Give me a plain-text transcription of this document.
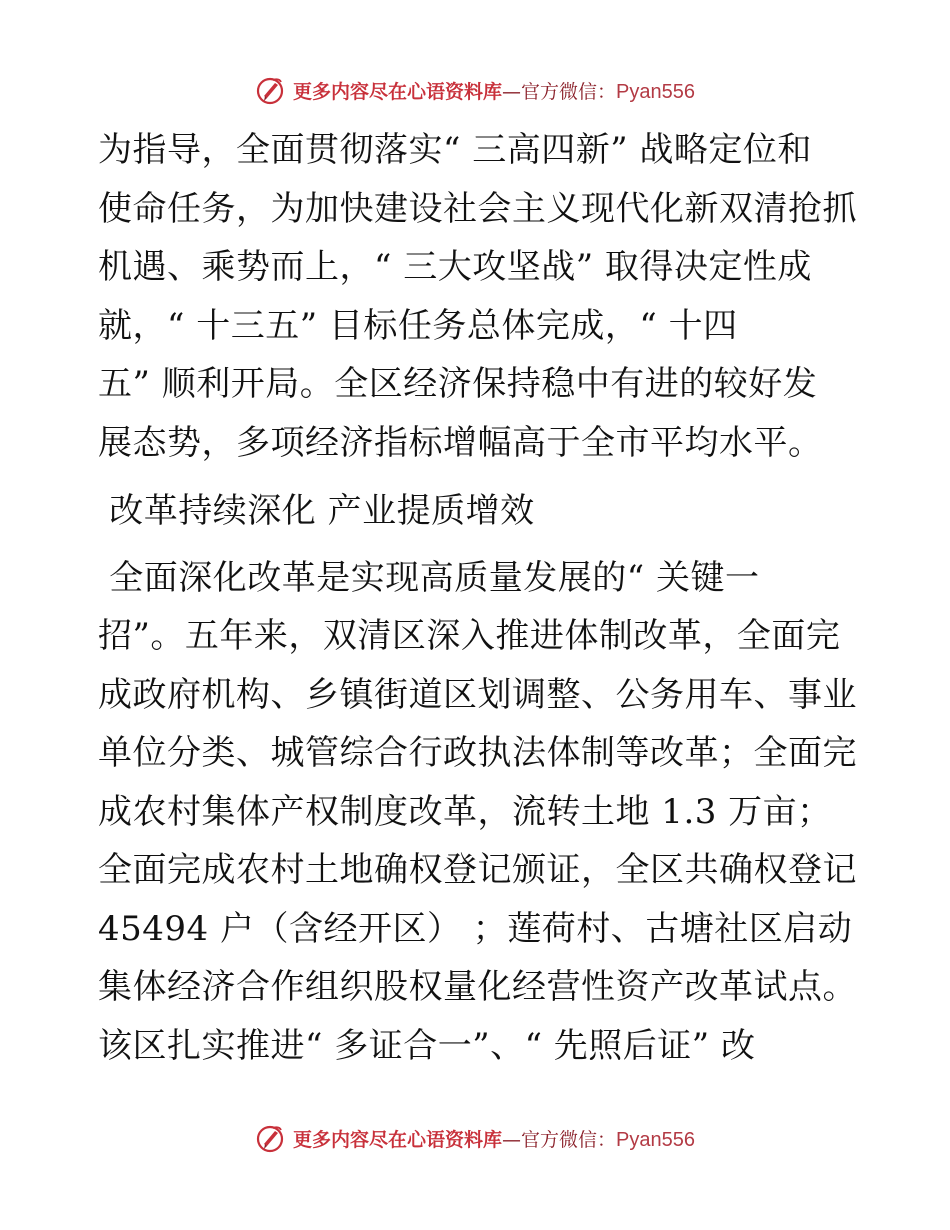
更多内容尽在心语资料库—官方微信：Pyan556
为指导，全面贯彻落实“ 三高四新” 战略定位和
使命任务，为加快建设社会主义现代化新双清抢抓
机遇、乘势而上，“ 三大攻坚战” 取得决定性成
就，“ 十三五” 目标任务总体完成，“ 十四
五” 顺利开局。全区经济保持稳中有进的较好发
展态势，多项经济指标增幅高于全市平均水平。
改革持续深化 产业提质增效
全面深化改革是实现高质量发展的“ 关键一
招”。五年来，双清区深入推进体制改革，全面完
成政府机构、乡镇街道区划调整、公务用车、事业
单位分类、城管综合行政执法体制等改革；全面完
成农村集体产权制度改革，流转土地 1.3 万亩；
全面完成农村土地确权登记颁证，全区共确权登记
45494 户（含经开区） ；莲荷村、古塘社区启动
集体经济合作组织股权量化经营性资产改革试点。
该区扎实推进“ 多证合一”、“ 先照后证” 改
更多内容尽在心语资料库—官方微信：Pyan556
